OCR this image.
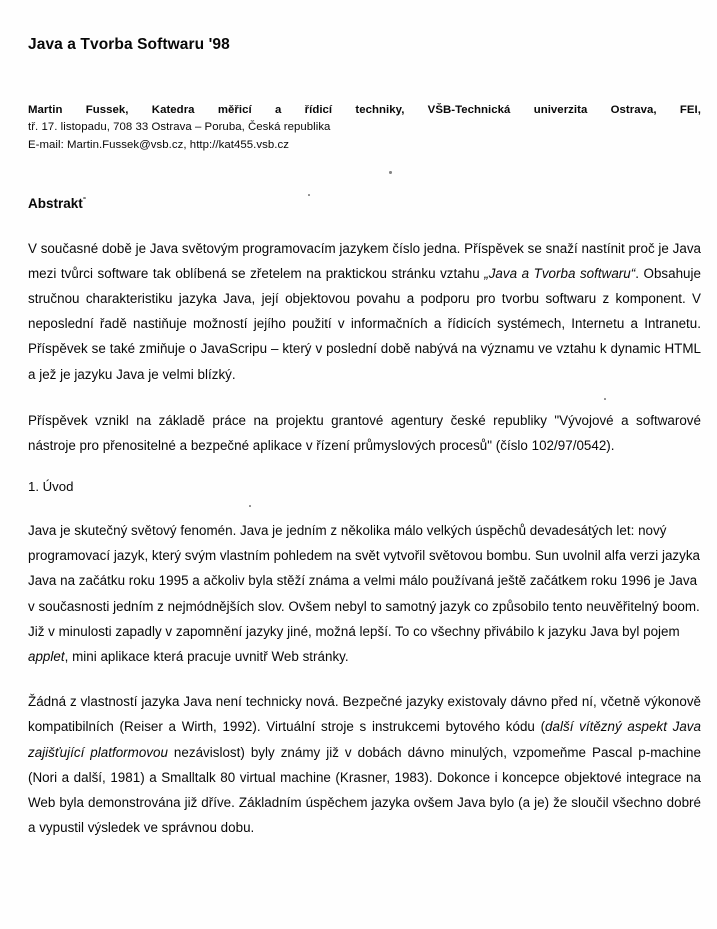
Java a Tvorba Softwaru '98
Martin Fussek, Katedra měřicí a řídicí techniky, VŠB-Technická univerzita Ostrava, FEI,
tř. 17. listopadu, 708 33 Ostrava – Poruba, Česká republika
E-mail: Martin.Fussek@vsb.cz, http://kat455.vsb.cz
Abstrakt

V současné době je Java světovým programovacím jazykem číslo jedna. Příspěvek se snaží nastínit proč je Java mezi tvůrci software tak oblíbená se zřetelem na praktickou stránku vztahu „Java a Tvorba softwaru“. Obsahuje stručnou charakteristiku jazyka Java, její objektovou povahu a podporu pro tvorbu softwaru z komponent. V neposlední řadě nastiňuje možností jejího použití v informačních a řídicích systémech, Internetu a Intranetu. Příspěvek se také zmiňuje o JavaScripu – který v poslední době nabývá na významu ve vztahu k dynamic HTML a jež je jazyku Java je velmi blízký.

Příspěvek vznikl na základě práce na projektu grantové agentury české republiky "Vývojové a softwarové nástroje pro přenositelné a bezpečné aplikace v řízení průmyslových procesů" (číslo 102/97/0542).

1. Úvod

Java je skutečný světový fenomén. Java je jedním z několika málo velkých úspěchů devadesátých let: nový programovací jazyk, který svým vlastním pohledem na svět vytvořil světovou bombu. Sun uvolnil alfa verzi jazyka Java na začátku roku 1995 a ačkoliv byla stěží známa a velmi málo používaná ještě začátkem roku 1996 je Java v současnosti jedním z nejmódnějších slov. Ovšem nebyl to samotný jazyk co způsobilo tento neuvěřitelný boom. Již v minulosti zapadly v zapomnění jazyky jiné, možná lepší. To co všechny přivábilo k jazyku Java byl pojem applet, mini aplikace která pracuje uvnitř Web stránky.

Žádná z vlastností jazyka Java není technicky nová. Bezpečné jazyky existovaly dávno před ní, včetně výkonově kompatibilních (Reiser a Wirth, 1992). Virtuální stroje s instrukcemi bytového kódu (další vítězný aspekt Java zajišťující platformovou nezávislost) byly známy již v dobách dávno minulých, vzpomeňme Pascal p-machine (Nori a další, 1981) a Smalltalk 80 virtual machine (Krasner, 1983). Dokonce i koncepce objektové integrace na Web byla demonstrována již dříve. Základním úspěchem jazyka ovšem Java bylo (a je) že sloučil všechno dobré a vypustil výsledek ve správnou dobu.
